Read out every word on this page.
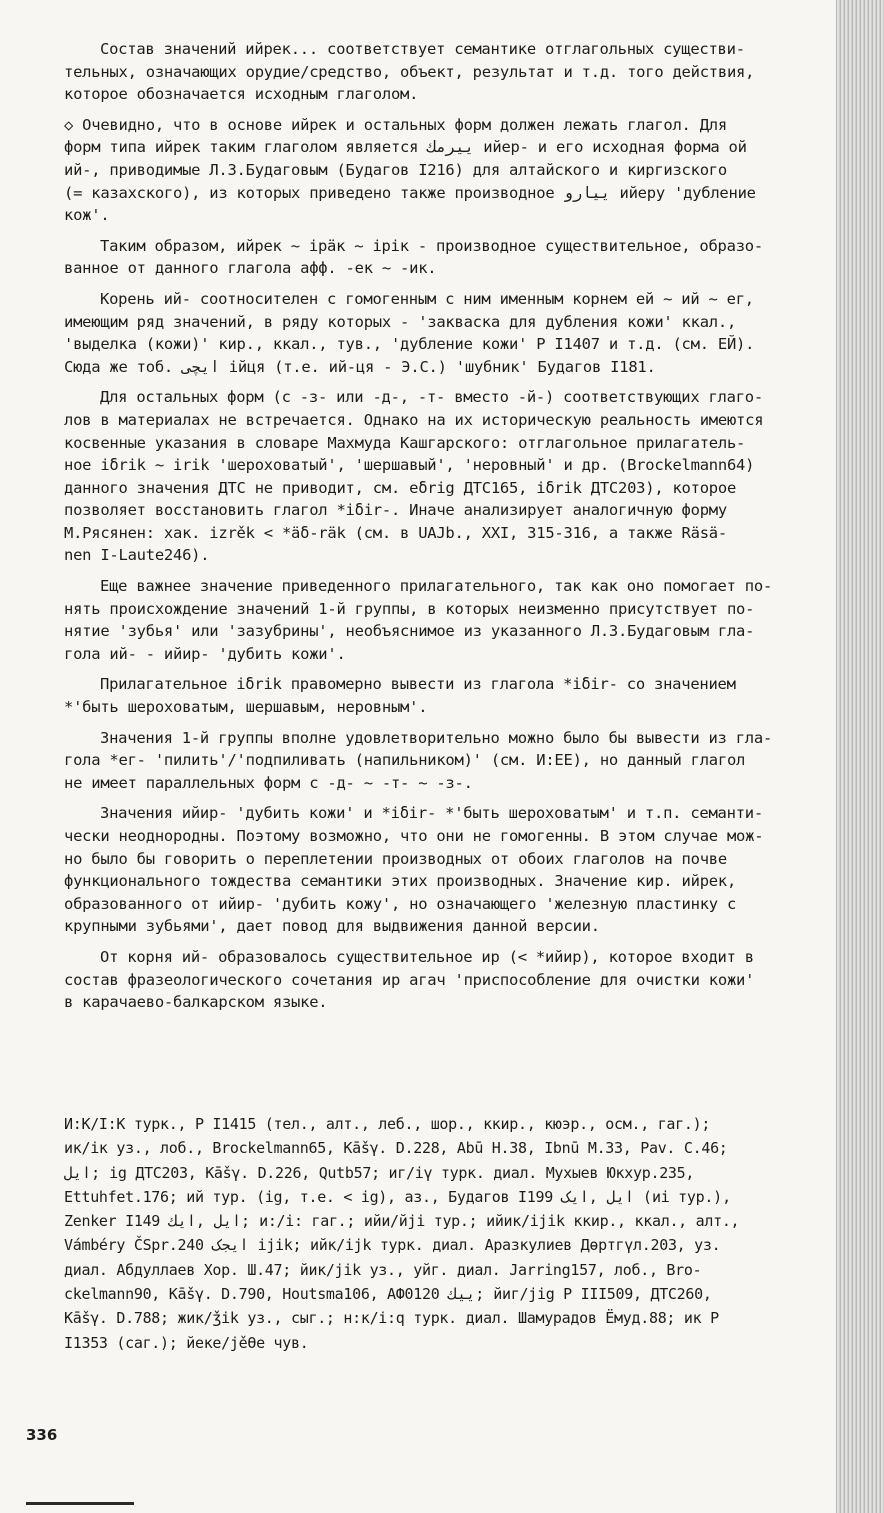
Состав значений ийрек... соответствует семантике отглагольных существи-
тельных, означающих орудие/средство, объект, результат и т.д. того действия,
которое обозначается исходным глаголом.

◇ Очевидно, что в основе ийрек и остальных форм должен лежать глагол. Для
форм типа ийрек таким глаголом является ییرمك ийер- и его исходная форма ой
ий-, приводимые Л.З.Будаговым (Будагов I216) для алтайского и киргизского
(= казахского), из которых приведено также производное ییارو ийеру 'дубление
кож'.

Таким образом, ийрек ~ ірäк ~ ірік - производное существительное, образо-
ванное от данного глагола афф. -ек ~ -ик.

Корень ий- соотносителен с гомогенным с ним именным корнем ей ~ ий ~ ег,
имеющим ряд значений, в ряду которых - 'закваска для дубления кожи' ккал.,
'выделка (кожи)' кир., ккал., тув., 'дубление кожи' P I1407 и т.д. (см. ЕЙ).
Сюда же тоб. ایچی ійця (т.е. ий-ця - Э.С.) 'шубник' Будагов I181.

Для остальных форм (с -з- или -д-, -т- вместо -й-) соответствующих глаго-
лов в материалах не встречается. Однако на их историческую реальность имеются
косвенные указания в словаре Махмуда Кашгарского: отглагольное прилагатель-
ное iδrik ~ irik 'шероховатый', 'шершавый', 'неровный' и др. (Brockelmann64)
данного значения ДТС не приводит, см. eδrig ДТС165, iδrik ДТС203), которое
позволяет восстановить глагол *iδir-. Иначе анализирует аналогичную форму
М.Рясянен: хак. izrěk < *äδ-räk (см. в UAJb., XXI, 315-316, а также Räsä-
nen I-Laute246).

Еще важнее значение приведенного прилагательного, так как оно помогает по-
нять происхождение значений 1-й группы, в которых неизменно присутствует по-
нятие 'зубья' или 'зазубрины', необъяснимое из указанного Л.З.Будаговым гла-
гола ий- - ийир- 'дубить кожи'.

Прилагательное iδrik правомерно вывести из глагола *iδir- со значением
*'быть шероховатым, шершавым, неровным'.

Значения 1-й группы вполне удовлетворительно можно было бы вывести из гла-
гола *ег- 'пилить'/'подпиливать (напильником)' (см. И:ЕЕ), но данный глагол
не имеет параллельных форм с -д- ~ -т- ~ -з-.

Значения ийир- 'дубить кожи' и *iδir- *'быть шероховатым' и т.п. семанти-
чески неоднородны. Поэтому возможно, что они не гомогенны. В этом случае мож-
но было бы говорить о переплетении производных от обоих глаголов на почве
функционального тождества семантики этих производных. Значение кир. ийрек,
образованного от ийир- 'дубить кожу', но означающего 'железную пластинку с
крупными зубьями', дает повод для выдвижения данной версии.

От корня ий- образовалось существительное ир (< *ийир), которое входит в
состав фразеологического сочетания ир агач 'приспособление для очистки кожи'
в карачаево-балкарском языке.

И:К/І:К турк., P I1415 (тел., алт., леб., шор., ккир., кюэр., осм., гаг.);
ик/ік уз., лоб., Brockelmann65, Kāšγ. D.228, Abū H.38, Ibnū M.33, Pav. C.46;
ايل; ig ДТС203, Kāšγ. D.226, Qutb57; иг/іү турк. диал. Мухыев Юкхур.235,
Ettuhfet.176; ий тур. (ig, т.е. < ig), аз., Будагов I199 ایل ,ایک (иі тур.),
Zenker I149 ایل ,ایك; и:/і: гаг.; ийи/йji тур.; ийик/іjik ккир., ккал., алт.,
Vámbéry ČSpr.240 ایجک ijik; ийк/іjk турк. диал. Аразкулиев Дөртгүл.203, уз.
диал. Абдуллаев Хор. Ш.47; йик/jik уз., уйг. диал. Jarring157, лоб., Bro-
ckelmann90, Kāšγ. D.790, Houtsma106, АФ0120 ییك; йиг/jig P III509, ДТС260,
Kāšγ. D.788; жик/ǯik уз., сыг.; н:к/і:q турк. диал. Шамурадов Ёмуд.88; ик P
I1353 (саг.); йеке/jěӨe чув.
336
